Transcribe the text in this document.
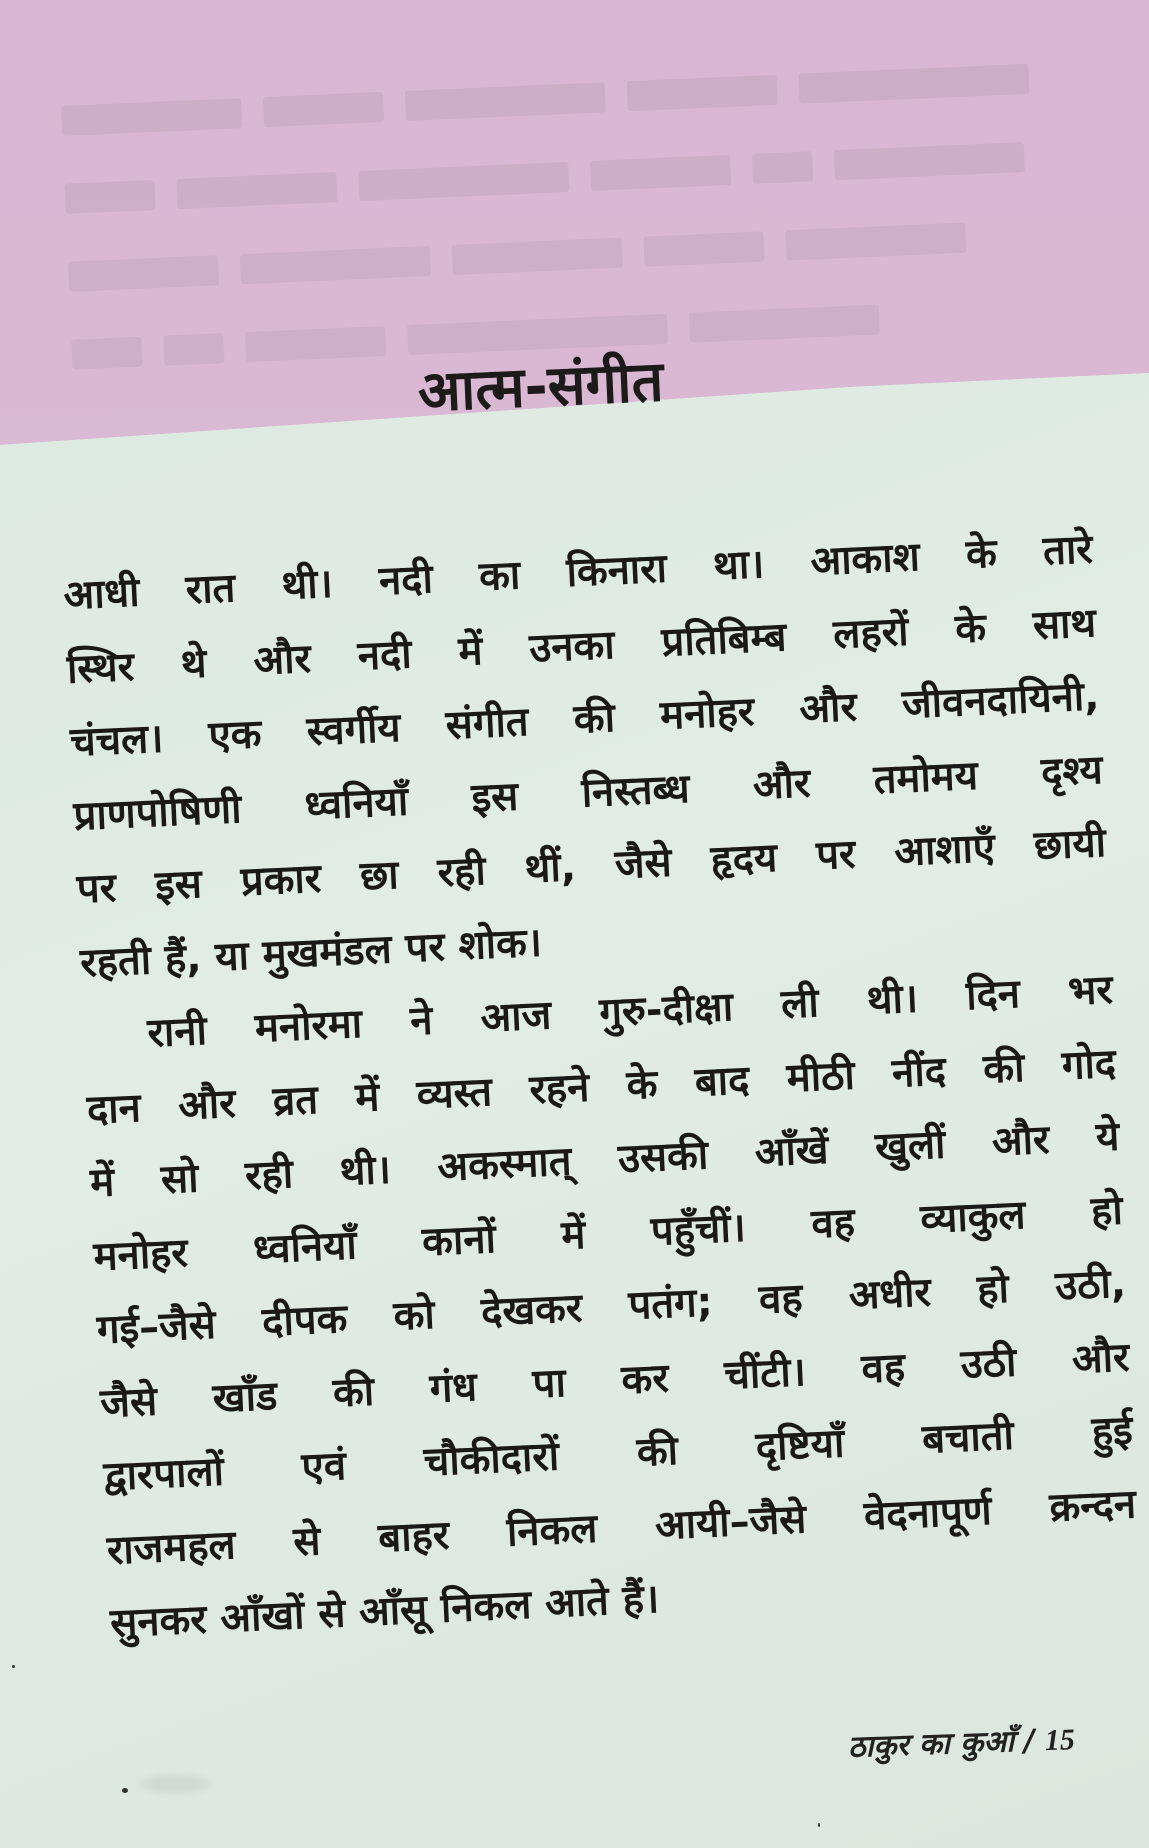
आत्म-संगीत
आधी रात थी। नदी का किनारा था। आकाश के तारे
स्थिर थे और नदी में उनका प्रतिबिम्ब लहरों के साथ
चंचल। एक स्वर्गीय संगीत की मनोहर और जीवनदायिनी,
प्राणपोषिणी ध्वनियाँ इस निस्तब्ध और तमोमय दृश्य
पर इस प्रकार छा रही थीं, जैसे हृदय पर आशाएँ छायी
रहती हैं, या मुखमंडल पर शोक।
रानी मनोरमा ने आज गुरु-दीक्षा ली थी। दिन भर
दान और व्रत में व्यस्त रहने के बाद मीठी नींद की गोद
में सो रही थी। अकस्मात् उसकी आँखें खुलीं और ये
मनोहर ध्वनियाँ कानों में पहुँचीं। वह व्याकुल हो
गई–जैसे दीपक को देखकर पतंग; वह अधीर हो उठी,
जैसे खाँड की गंध पा कर चींटी। वह उठी और
द्वारपालों एवं चौकीदारों की दृष्टियाँ बचाती हुई
राजमहल से बाहर निकल आयी–जैसे वेदनापूर्ण क्रन्दन
सुनकर आँखों से आँसू निकल आते हैं।
ठाकुर का कुआँ / 15
